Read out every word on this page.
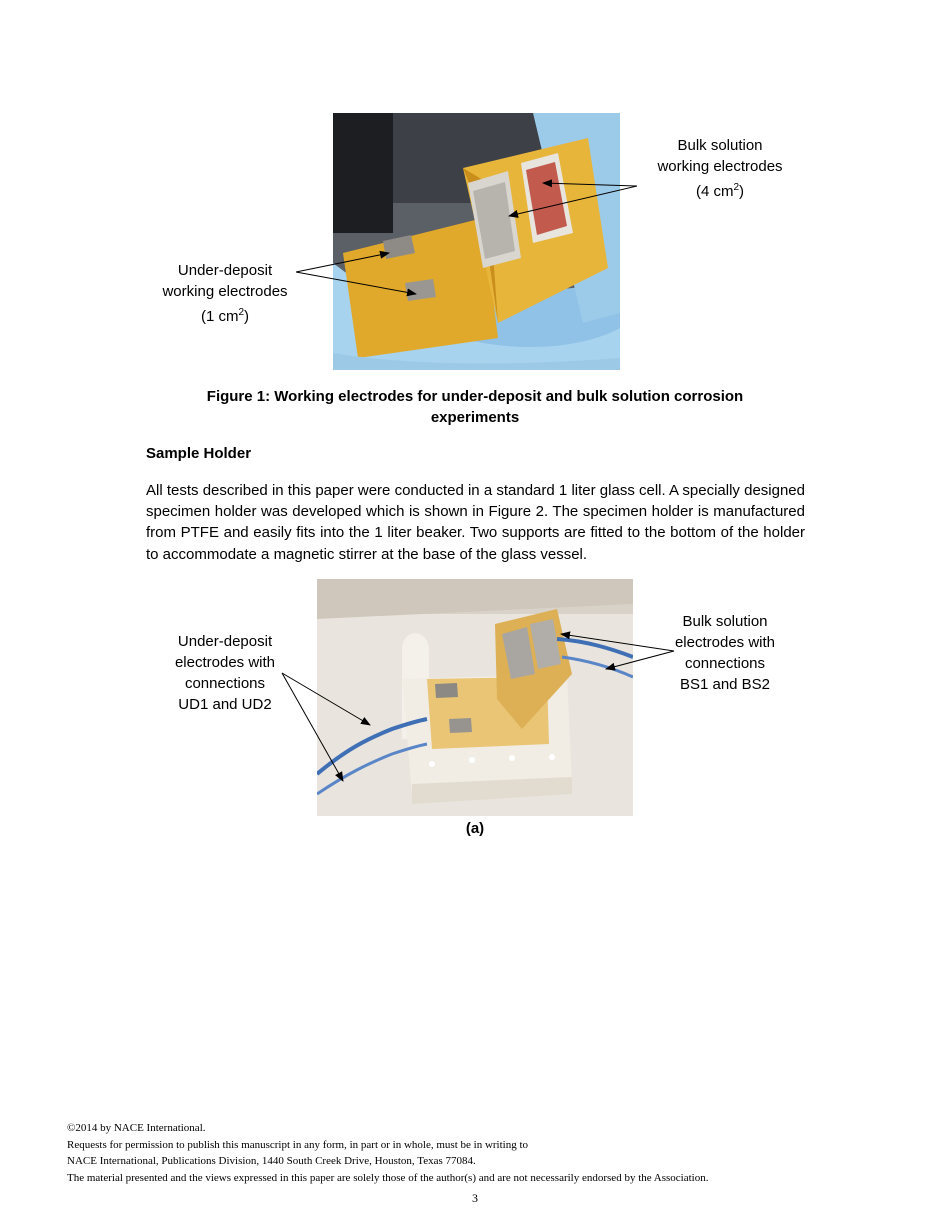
Bulk solution
working electrodes
(4 $cm^2$)
Under-deposit
working electrodes
(1 $cm^2$)
Figure 1: Working electrodes for under-deposit and bulk solution corrosion
experiments
Sample Holder
All tests described in this paper were conducted in a standard 1 liter glass cell. A specially designed specimen holder was developed which is shown in Figure 2. The specimen holder is manufactured from PTFE and easily fits into the 1 liter beaker. Two supports are fitted to the bottom of the holder to accommodate a magnetic stirrer at the base of the glass vessel.
Under-deposit
electrodes with
connections
UD1 and UD2
Bulk solution
electrodes with
connections
BS1 and BS2
(a)
©2014 by NACE International.
Requests for permission to publish this manuscript in any form, in part or in whole, must be in writing to
NACE International, Publications Division, 1440 South Creek Drive, Houston, Texas 77084.
The material presented and the views expressed in this paper are solely those of the author(s) and are not necessarily endorsed by the Association.
3
